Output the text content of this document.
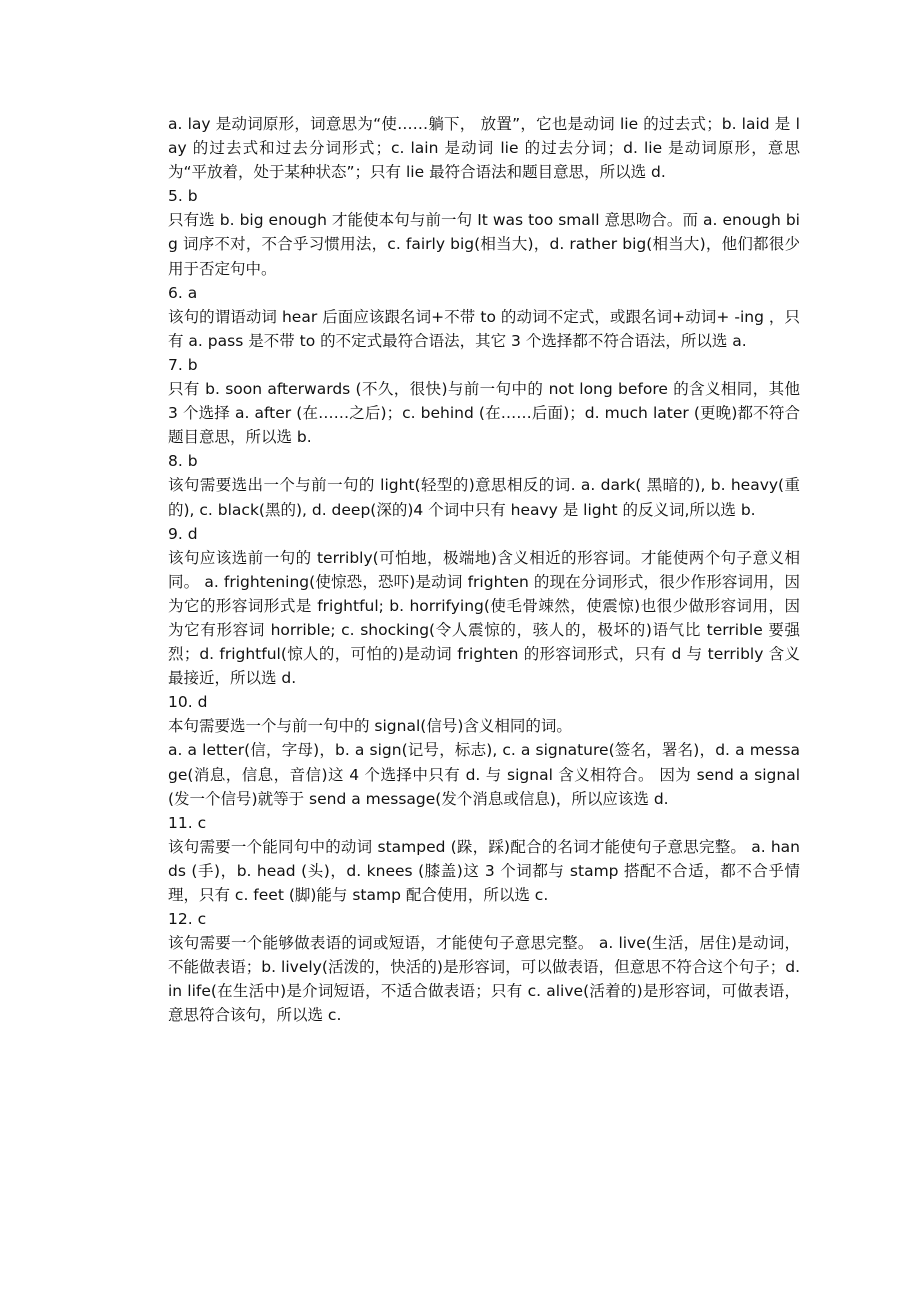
a. lay 是动词原形，词意思为“使……躺下， 放置”，它也是动词 lie 的过去式；b. laid 是 lay 的过去式和过去分词形式；c. lain 是动词 lie 的过去分词；d. lie 是动词原形，意思为“平放着，处于某种状态”；只有 lie 最符合语法和题目意思，所以选 d.

5. b

只有选 b. big enough 才能使本句与前一句 It was too small 意思吻合。而 a. enough big 词序不对，不合乎习惯用法，c. fairly big(相当大)，d. rather big(相当大)，他们都很少用于否定句中。

6. a

该句的谓语动词 hear 后面应该跟名词+不带 to 的动词不定式，或跟名词+动词+ -ing ，只有 a. pass 是不带 to 的不定式最符合语法，其它 3 个选择都不符合语法，所以选 a.

7. b

只有 b. soon afterwards (不久，很快)与前一句中的 not long before 的含义相同，其他 3 个选择 a. after (在……之后)；c. behind (在……后面)；d. much later (更晚)都不符合题目意思，所以选 b.

8. b

该句需要选出一个与前一句的 light(轻型的)意思相反的词. a. dark( 黑暗的), b. heavy(重的), c. black(黑的), d. deep(深的)4 个词中只有 heavy 是 light 的反义词,所以选 b.

9. d

该句应该选前一句的 terribly(可怕地，极端地)含义相近的形容词。才能使两个句子意义相同。 a. frightening(使惊恐，恐吓)是动词 frighten 的现在分词形式，很少作形容词用，因为它的形容词形式是 frightful; b. horrifying(使毛骨竦然，使震惊)也很少做形容词用，因为它有形容词 horrible; c. shocking(令人震惊的，骇人的，极坏的)语气比 terrible 要强烈；d. frightful(惊人的，可怕的)是动词 frighten 的形容词形式，只有 d 与 terribly 含义最接近，所以选 d.

10. d

本句需要选一个与前一句中的 signal(信号)含义相同的词。

a. a letter(信，字母)，b. a sign(记号，标志), c. a signature(签名，署名)，d. a message(消息，信息，音信)这 4 个选择中只有 d. 与 signal 含义相符合。 因为 send a signal(发一个信号)就等于 send a message(发个消息或信息)，所以应该选 d.

11. c

该句需要一个能同句中的动词 stamped (跺，踩)配合的名词才能使句子意思完整。 a. hands (手)，b. head (头)，d. knees (膝盖)这 3 个词都与 stamp 搭配不合适，都不合乎情理，只有 c. feet (脚)能与 stamp 配合使用，所以选 c.

12. c

该句需要一个能够做表语的词或短语，才能使句子意思完整。 a. live(生活，居住)是动词，不能做表语；b. lively(活泼的，快活的)是形容词，可以做表语，但意思不符合这个句子；d. in life(在生活中)是介词短语，不适合做表语；只有 c. alive(活着的)是形容词，可做表语，意思符合该句，所以选 c.
